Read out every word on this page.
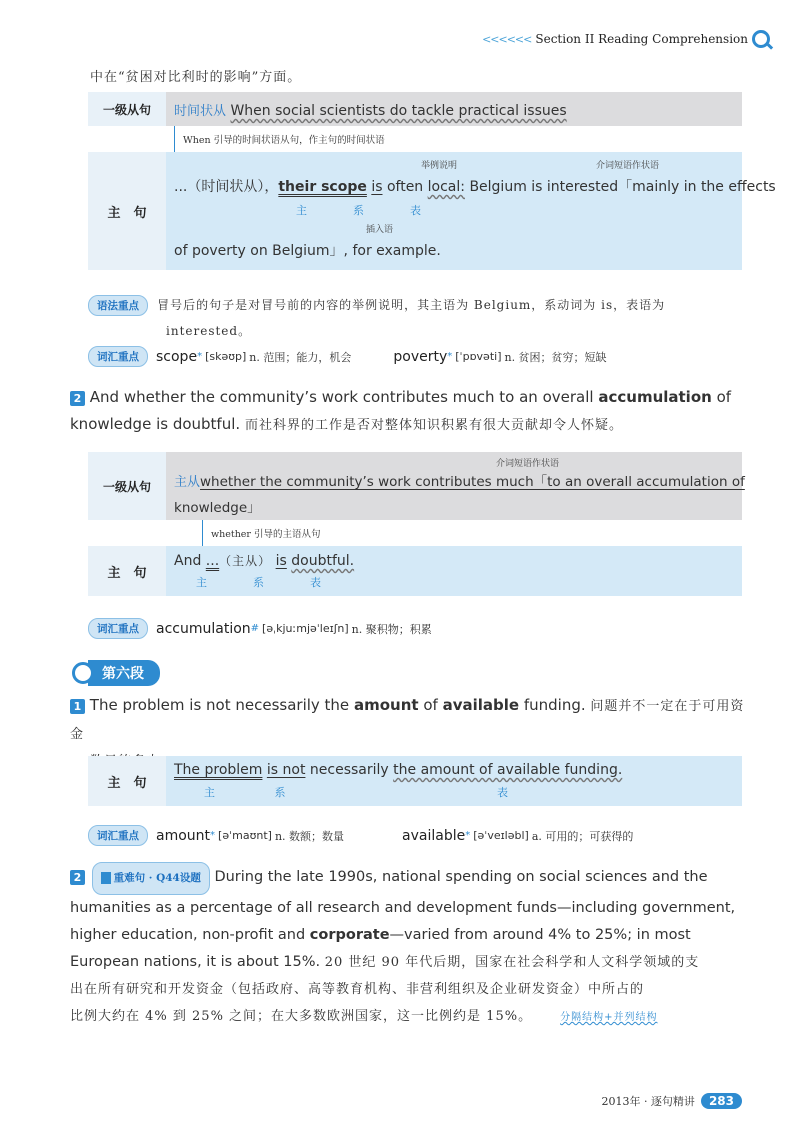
<<<<<< Section II Reading Comprehension
中在“贫困对比利时的影响”方面。
一级从句	时间状从 When social scientists do tackle practical issues
When 引导的时间状语从句，作主句的时间状语
主　句
举例说明	介词短语作状语
...（时间状从），their scope is often local: Belgium is interested「mainly in the effects
主	系	表
插入语
of poverty on Belgium」, for example.
语法重点 冒号后的句子是对冒号前的内容的举例说明，其主语为 Belgium，系动词为 is，表语为
interested。
词汇重点	scope * [skəʊp] n. 范围；能力，机会	poverty * [ˈpɒvəti] n. 贫困；贫穷；短缺
2 And whether the community’s work contributes much to an overall accumulation of knowledge is doubtful. 而社科界的工作是否对整体知识积累有很大贡献却令人怀疑。
一级从句
介词短语作状语
主从whether the community’s work contributes much「to an overall accumulation of
knowledge」
whether 引导的主语从句
主　句
And ...（主从） is doubtful.
主	系	表
词汇重点	accumulation # [əˌkjuːmjəˈleɪʃn] n. 聚积物；积累
第六段
1 The problem is not necessarily the amount of available funding. 问题并不一定在于可用资金
主　句
The problem is not necessarily the amount of available funding.
主	系	表
词汇重点	amount * [əˈmaʊnt] n. 数额；数量	available * [əˈveɪləbl] a. 可用的；可获得的
2	重难句 · Q44设题 During the late 1990s, national spending on social sciences and the
humanities as a percentage of all research and development funds—including government,
higher education, non-profit and corporate—varied from around 4% to 25%; in most
European nations, it is about 15%. 20 世纪 90 年代后期，国家在社会科学和人文科学领域的支
出在所有研究和开发资金（包括政府、高等教育机构、非营利组织及企业研发资金）中所占的
比例大约在 4% 到 25% 之间；在大多数欧洲国家，这一比例约是 15%。	分隔结构+并列结构
2013年 · 逐句精讲	283
